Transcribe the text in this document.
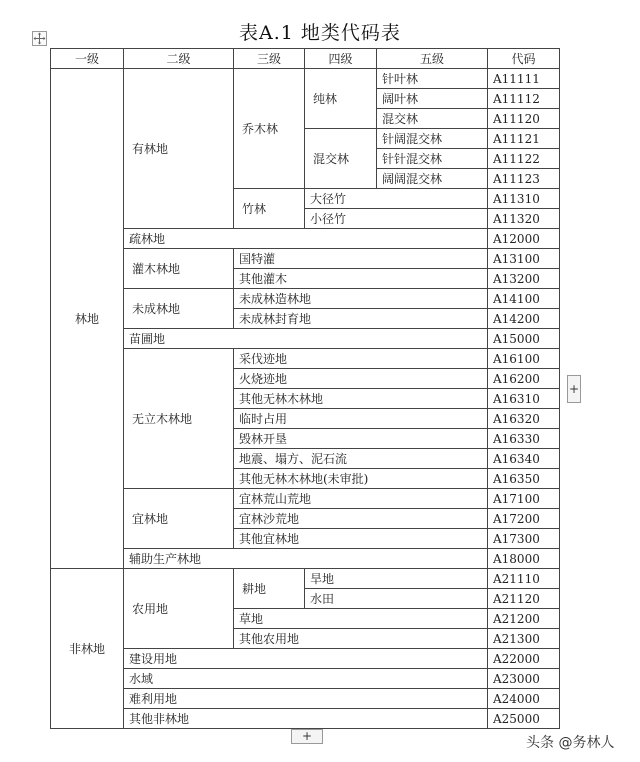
表A.1 地类代码表
一级	二级	三级	四级	五级	代码
林地	有林地	乔木林	纯林	针叶林	A11111
				阔叶林	A11112
				混交林	A11120
			混交林	针阔混交林	A11121
				针针混交林	A11122
				阔阔混交林	A11123
		竹林	大径竹		A11310
			小径竹		A11320
	疏林地				A12000
	灌木林地	国特灌			A13100
		其他灌木			A13200
	未成林地	未成林造林地			A14100
		未成林封育地			A14200
	苗圃地				A15000
	无立木林地	采伐迹地			A16100
		火烧迹地			A16200
		其他无林木林地			A16310
		临时占用			A16320
		毁林开垦			A16330
		地震、塌方、泥石流			A16340
		其他无林木林地(未审批)			A16350
	宜林地	宜林荒山荒地			A17100
		宜林沙荒地			A17200
		其他宜林地			A17300
	辅助生产林地				A18000
非林地	农用地	耕地	旱地		A21110
			水田		A21120
		草地			A21200
		其他农用地			A21300
	建设用地				A22000
	水域				A23000
	难利用地				A24000
	其他非林地				A25000
+
+	头条 @务林人
